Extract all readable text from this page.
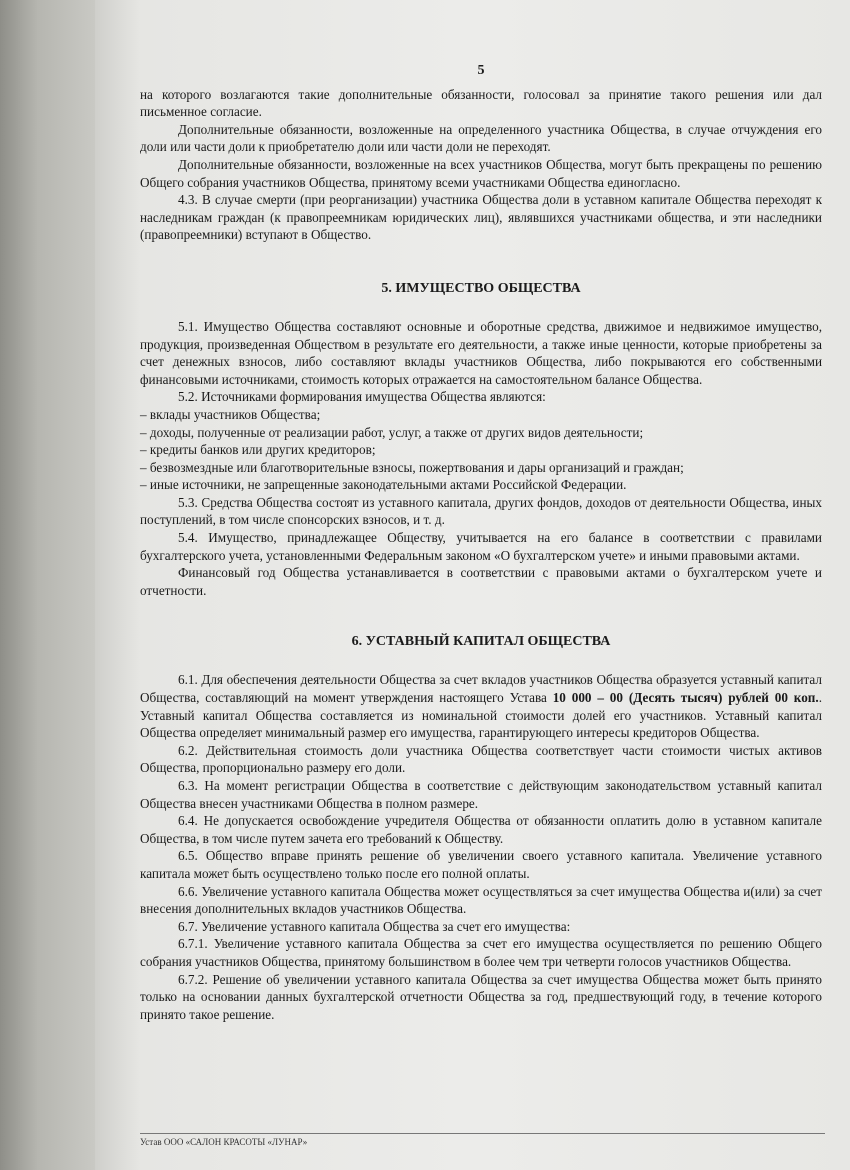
5

на которого возлагаются такие дополнительные обязанности, голосовал за принятие такого решения или дал письменное согласие.

Дополнительные обязанности, возложенные на определенного участника Общества, в случае отчуждения его доли или части доли к приобретателю доли или части доли не переходят.

Дополнительные обязанности, возложенные на всех участников Общества, могут быть прекращены по решению Общего собрания участников Общества, принятому всеми участниками Общества единогласно.

4.3. В случае смерти (при реорганизации) участника Общества доли в уставном капитале Общества переходят к наследникам граждан (к правопреемникам юридических лиц), являвшихся участниками общества, и эти наследники (правопреемники) вступают в Общество.

5. ИМУЩЕСТВО ОБЩЕСТВА

5.1. Имущество Общества составляют основные и оборотные средства, движимое и недвижимое имущество, продукция, произведенная Обществом в результате его деятельности, а также иные ценности, которые приобретены за счет денежных взносов, либо составляют вклады участников Общества, либо покрываются его собственными финансовыми источниками, стоимость которых отражается на самостоятельном балансе Общества.

5.2. Источниками формирования имущества Общества являются:

– вклады участников Общества;

– доходы, полученные от реализации работ, услуг, а также от других видов деятельности;

– кредиты банков или других кредиторов;

– безвозмездные или благотворительные взносы, пожертвования и дары организаций и граждан;

– иные источники, не запрещенные законодательными актами Российской Федерации.

5.3. Средства Общества состоят из уставного капитала, других фондов, доходов от деятельности Общества, иных поступлений, в том числе спонсорских взносов, и т. д.

5.4. Имущество, принадлежащее Обществу, учитывается на его балансе в соответствии с правилами бухгалтерского учета, установленными Федеральным законом «О бухгалтерском учете» и иными правовыми актами.

Финансовый год Общества устанавливается в соответствии с правовыми актами о бухгалтерском учете и отчетности.

6. УСТАВНЫЙ КАПИТАЛ ОБЩЕСТВА

6.1. Для обеспечения деятельности Общества за счет вкладов участников Общества образуется уставный капитал Общества, составляющий на момент утверждения настоящего Устава 10 000 – 00 (Десять тысяч) рублей 00 коп.. Уставный капитал Общества составляется из номинальной стоимости долей его участников. Уставный капитал Общества определяет минимальный размер его имущества, гарантирующего интересы кредиторов Общества.

6.2. Действительная стоимость доли участника Общества соответствует части стоимости чистых активов Общества, пропорционально размеру его доли.

6.3. На момент регистрации Общества в соответствие с действующим законодательством уставный капитал Общества внесен участниками Общества в полном размере.

6.4. Не допускается освобождение учредителя Общества от обязанности оплатить долю в уставном капитале Общества, в том числе путем зачета его требований к Обществу.

6.5. Общество вправе принять решение об увеличении своего уставного капитала. Увеличение уставного капитала может быть осуществлено только после его полной оплаты.

6.6. Увеличение уставного капитала Общества может осуществляться за счет имущества Общества и(или) за счет внесения дополнительных вкладов участников Общества.

6.7. Увеличение уставного капитала Общества за счет его имущества:

6.7.1. Увеличение уставного капитала Общества за счет его имущества осуществляется по решению Общего собрания участников Общества, принятому большинством в более чем три четверти голосов участников Общества.

6.7.2. Решение об увеличении уставного капитала Общества за счет имущества Общества может быть принято только на основании данных бухгалтерской отчетности Общества за год, предшествующий году, в течение которого принято такое решение.

Устав ООО «САЛОН КРАСОТЫ «ЛУНАР»
